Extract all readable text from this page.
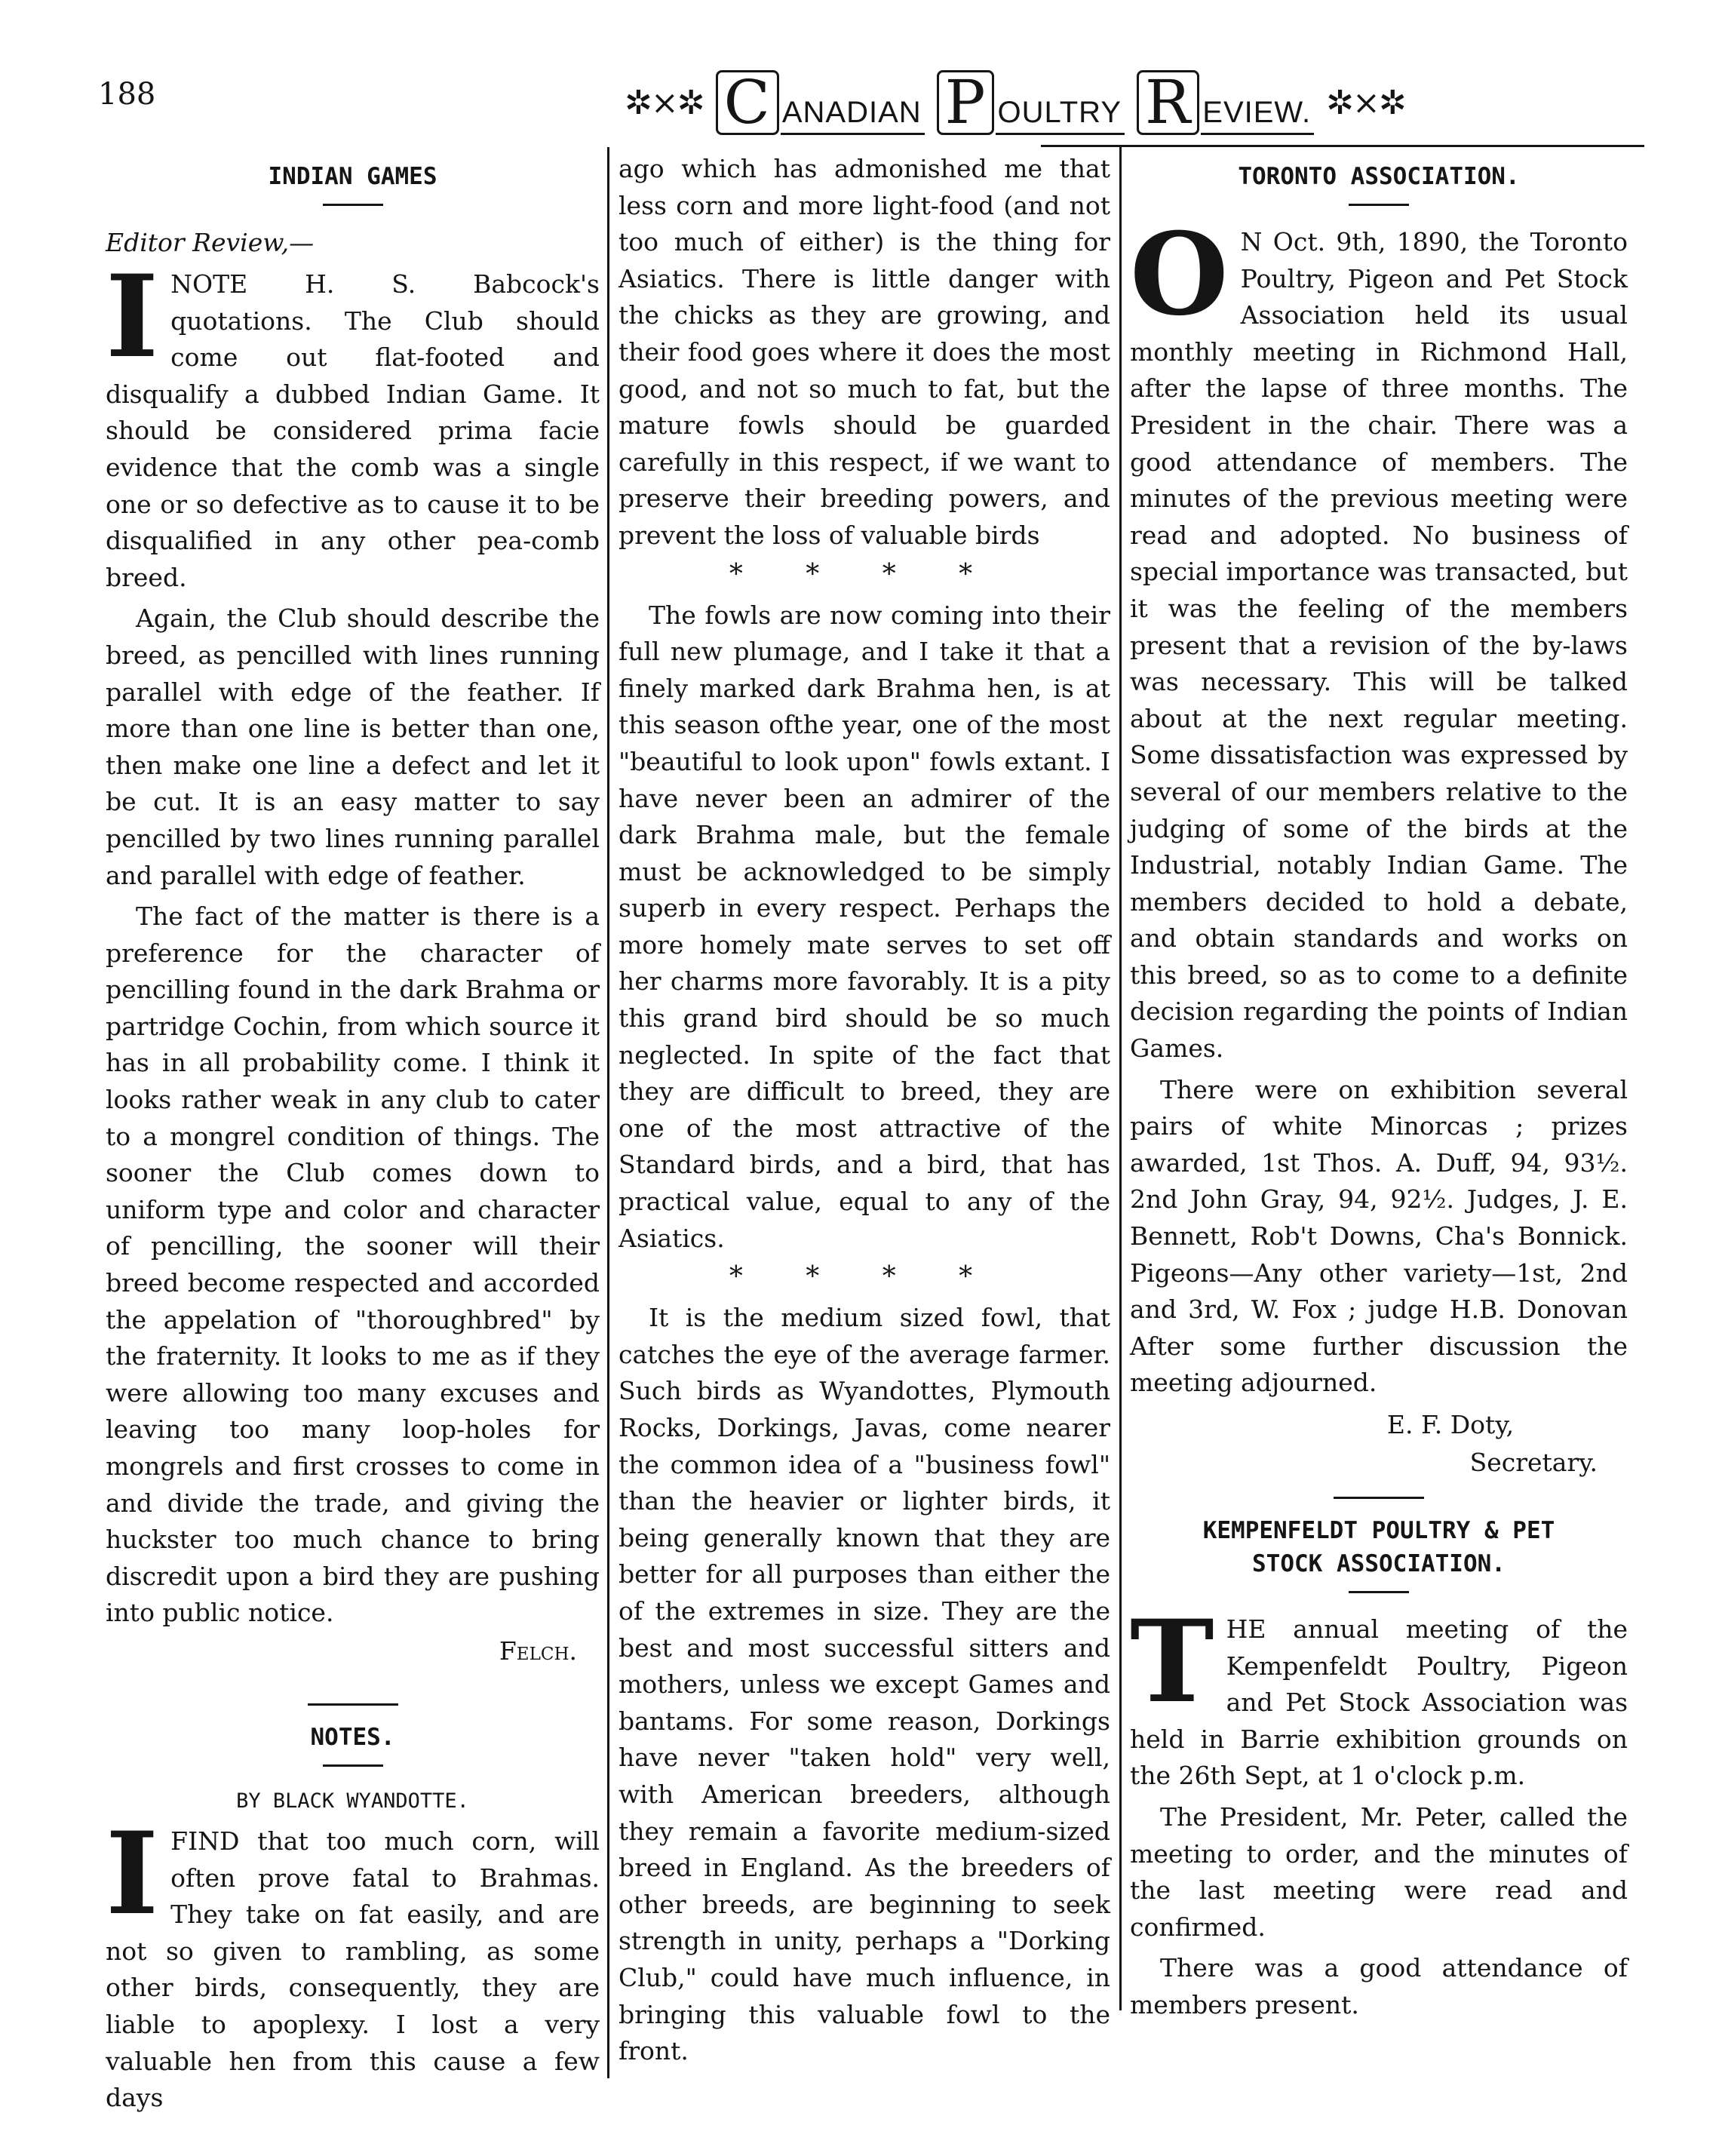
188	✲⨯✲ C ANADIAN P OULTRY R EVIEW. ✲⨯✲
INDIAN GAMES
Editor Review,—
I NOTE H. S. Babcock's quotations. The Club should come out flat-footed and disqualify a dubbed Indian Game. It should be considered prima facie evidence that the comb was a single one or so defective as to cause it to be disqualified in any other pea-comb breed.

Again, the Club should describe the breed, as pencilled with lines running parallel with edge of the feather. If more than one line is better than one, then make one line a defect and let it be cut. It is an easy matter to say pencilled by two lines running parallel and parallel with edge of feather.

The fact of the matter is there is a preference for the character of pencilling found in the dark Brahma or partridge Cochin, from which source it has in all probability come. I think it looks rather weak in any club to cater to a mongrel condition of things. The sooner the Club comes down to uniform type and color and character of pencilling, the sooner will their breed become respected and accorded the appelation of "thoroughbred" by the fraternity. It looks to me as if they were allowing too many excuses and leaving too many loop-holes for mongrels and first crosses to come in and divide the trade, and giving the huckster too much chance to bring discredit upon a bird they are pushing into public notice.

Felch.
NOTES.
BY BLACK WYANDOTTE.
I FIND that too much corn, will often prove fatal to Brahmas. They take on fat easily, and are not so given to rambling, as some other birds, consequently, they are liable to apoplexy. I lost a very valuable hen from this cause a few days

ago which has admonished me that less corn and more light-food (and not too much of either) is the thing for Asiatics. There is little danger with the chicks as they are growing, and their food goes where it does the most good, and not so much to fat, but the mature fowls should be guarded carefully in this respect, if we want to preserve their breeding powers, and prevent the loss of valuable birds

* * * *

The fowls are now coming into their full new plumage, and I take it that a finely marked dark Brahma hen, is at this season ofthe year, one of the most "beautiful to look upon" fowls extant. I have never been an admirer of the dark Brahma male, but the female must be acknowledged to be simply superb in every respect. Perhaps the more homely mate serves to set off her charms more favorably. It is a pity this grand bird should be so much neglected. In spite of the fact that they are difficult to breed, they are one of the most attractive of the Standard birds, and a bird, that has practical value, equal to any of the Asiatics.

* * * *

It is the medium sized fowl, that catches the eye of the average farmer. Such birds as Wyandottes, Plymouth Rocks, Dorkings, Javas, come nearer the common idea of a "business fowl" than the heavier or lighter birds, it being generally known that they are better for all purposes than either the of the extremes in size. They are the best and most successful sitters and mothers, unless we except Games and bantams. For some reason, Dorkings have never "taken hold" very well, with American breeders, although they remain a favorite medium-sized breed in England. As the breeders of other breeds, are beginning to seek strength in unity, perhaps a "Dorking Club," could have much influence, in bringing this valuable fowl to the front.

TORONTO ASSOCIATION.
O N Oct. 9th, 1890, the Toronto Poultry, Pigeon and Pet Stock Association held its usual monthly meeting in Richmond Hall, after the lapse of three months. The President in the chair. There was a good attendance of members. The minutes of the previous meeting were read and adopted. No business of special importance was transacted, but it was the feeling of the members present that a revision of the by-laws was necessary. This will be talked about at the next regular meeting. Some dissatisfaction was expressed by several of our members relative to the judging of some of the birds at the Industrial, notably Indian Game. The members decided to hold a debate, and obtain standards and works on this breed, so as to come to a definite decision regarding the points of Indian Games.

There were on exhibition several pairs of white Minorcas ; prizes awarded, 1st Thos. A. Duff, 94, 93½. 2nd John Gray, 94, 92½. Judges, J. E. Bennett, Rob't Downs, Cha's Bonnick. Pigeons—Any other variety—1st, 2nd and 3rd, W. Fox ; judge H.B. Donovan After some further discussion the meeting adjourned.

E. F. Doty,
Secretary.
KEMPENFELDT POULTRY & PET
STOCK ASSOCIATION.
T HE annual meeting of the Kempenfeldt Poultry, Pigeon and Pet Stock Association was held in Barrie exhibition grounds on the 26th Sept, at 1 o'clock p.m.

The President, Mr. Peter, called the meeting to order, and the minutes of the last meeting were read and confirmed.

There was a good attendance of members present.
